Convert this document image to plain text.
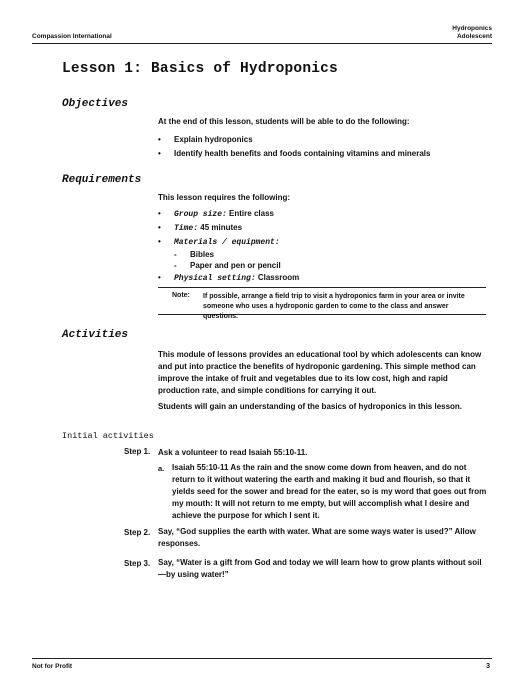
Hydroponics
Adolescent
Compassion International
Lesson 1: Basics of Hydroponics
Objectives
At the end of this lesson, students will be able to do the following:
• Explain hydroponics
• Identify health benefits and foods containing vitamins and minerals
Requirements
This lesson requires the following:
• Group size: Entire class
• Time: 45 minutes
• Materials / equipment:
- Bibles
- Paper and pen or pencil
• Physical setting: Classroom
Note: If possible, arrange a field trip to visit a hydroponics farm in your area or invite someone who uses a hydroponic garden to come to the class and answer questions.
Activities
This module of lessons provides an educational tool by which adolescents can know and put into practice the benefits of hydroponic gardening. This simple method can improve the intake of fruit and vegetables due to its low cost, high and rapid production rate, and simple conditions for carrying it out.
Students will gain an understanding of the basics of hydroponics in this lesson.
Initial activities
Step 1. Ask a volunteer to read Isaiah 55:10-11.
a. Isaiah 55:10-11 As the rain and the snow come down from heaven, and do not return to it without watering the earth and making it bud and flourish, so that it yields seed for the sower and bread for the eater, so is my word that goes out from my mouth: It will not return to me empty, but will accomplish what I desire and achieve the purpose for which I sent it.
Step 2. Say, “God supplies the earth with water. What are some ways water is used?” Allow responses.
Step 3. Say, “Water is a gift from God and today we will learn how to grow plants without soil—by using water!”
Not for Profit	3
